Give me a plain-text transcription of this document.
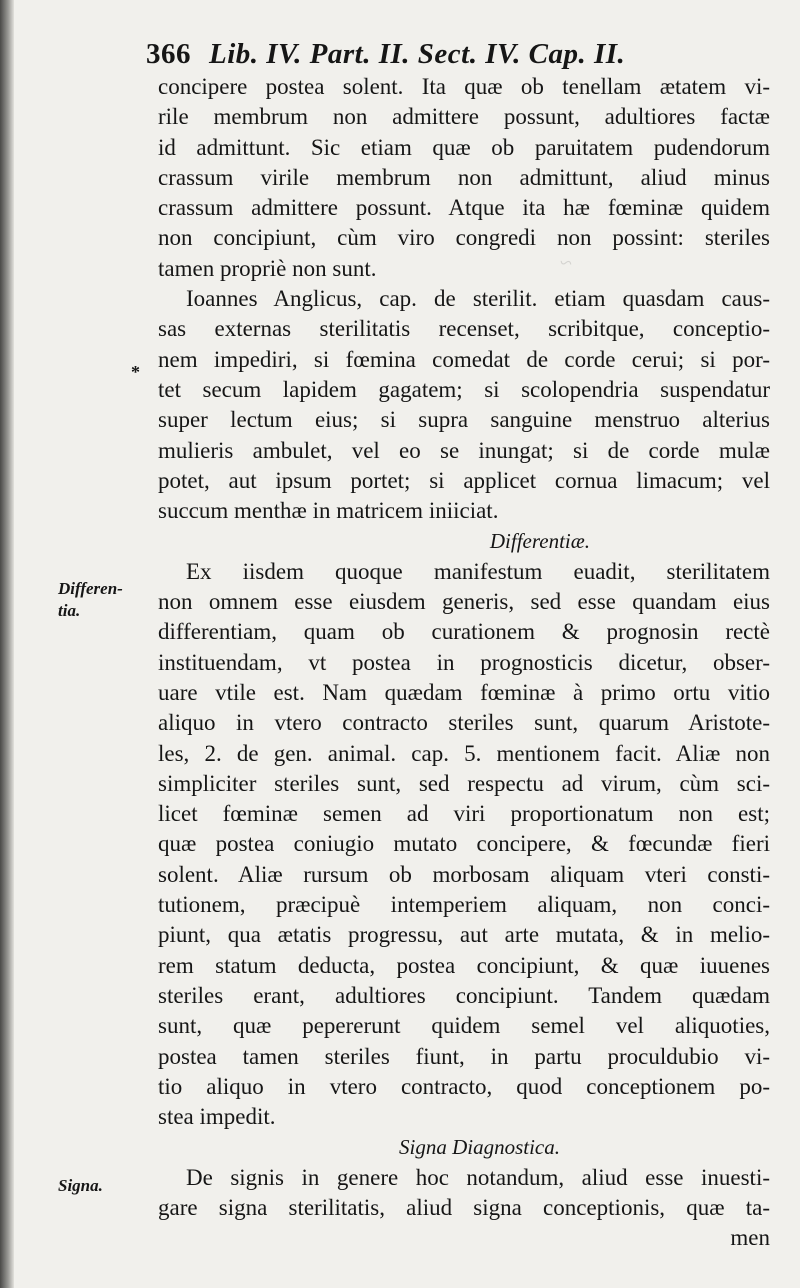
~
366 Lib. IV. Part. II. Sect. IV. Cap. II.
*
Differen-
tia.
Signa.
concipere postea solent. Ita quæ ob tenellam ætatem vi-
rile membrum non admittere possunt, adultiores factæ
id admittunt. Sic etiam quæ ob paruitatem pudendorum
crassum virile membrum non admittunt, aliud minus
crassum admittere possunt. Atque ita hæ fœminæ quidem
non concipiunt, cùm viro congredi non possint: steriles
tamen propriè non sunt.
Ioannes Anglicus, cap. de sterilit. etiam quasdam caus-
sas externas sterilitatis recenset, scribitque, conceptio-
nem impediri, si fœmina comedat de corde cerui; si por-
tet secum lapidem gagatem; si scolopendria suspendatur
super lectum eius; si supra sanguine menstruo alterius
mulieris ambulet, vel eo se inungat; si de corde mulæ
potet, aut ipsum portet; si applicet cornua limacum; vel
succum menthæ in matricem iniiciat.
Differentiæ.
Ex iisdem quoque manifestum euadit, sterilitatem
non omnem esse eiusdem generis, sed esse quandam eius
differentiam, quam ob curationem & prognosin rectè
instituendam, vt postea in prognosticis dicetur, obser-
uare vtile est. Nam quædam fœminæ à primo ortu vitio
aliquo in vtero contracto steriles sunt, quarum Aristote-
les, 2. de gen. animal. cap. 5. mentionem facit. Aliæ non
simpliciter steriles sunt, sed respectu ad virum, cùm sci-
licet fœminæ semen ad viri proportionatum non est;
quæ postea coniugio mutato concipere, & fœcundæ fieri
solent. Aliæ rursum ob morbosam aliquam vteri consti-
tutionem, præcipuè intemperiem aliquam, non conci-
piunt, qua ætatis progressu, aut arte mutata, & in melio-
rem statum deducta, postea concipiunt, & quæ iuuenes
steriles erant, adultiores concipiunt. Tandem quædam
sunt, quæ pepererunt quidem semel vel aliquoties,
postea tamen steriles fiunt, in partu proculdubio vi-
tio aliquo in vtero contracto, quod conceptionem po-
stea impedit.
Signa Diagnostica.
De signis in genere hoc notandum, aliud esse inuesti-
gare signa sterilitatis, aliud signa conceptionis, quæ ta-
men
